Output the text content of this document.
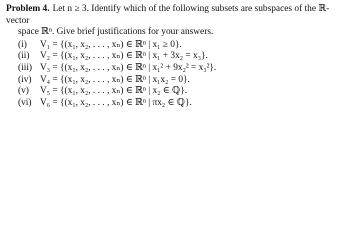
Problem 4. Let n ≥ 3. Identify which of the following subsets are subspaces of the ℝ-vector

space ℝⁿ. Give brief justifications for your answers.

(i)	V₁ = {(x₁, x₂, . . . , xₙ) ∈ ℝⁿ | x₁ ≥ 0}.
(ii)	V₂ = {(x₁, x₂, . . . , xₙ) ∈ ℝⁿ | x₁ + 3x₂ = x₃}.
(iii) V₃ = {(x₁, x₂, . . . , xₙ) ∈ ℝⁿ | x₁² + 9x₂² = x₃²}.
(iv) V₄ = {(x₁, x₂, . . . , xₙ) ∈ ℝⁿ | x₁x₂ = 0}.
(v)	V₅ = {(x₁, x₂, . . . , xₙ) ∈ ℝⁿ | x₂ ∈ ℚ}.
(vi) V₆ = {(x₁, x₂, . . . , xₙ) ∈ ℝⁿ | πx₂ ∈ ℚ}.
